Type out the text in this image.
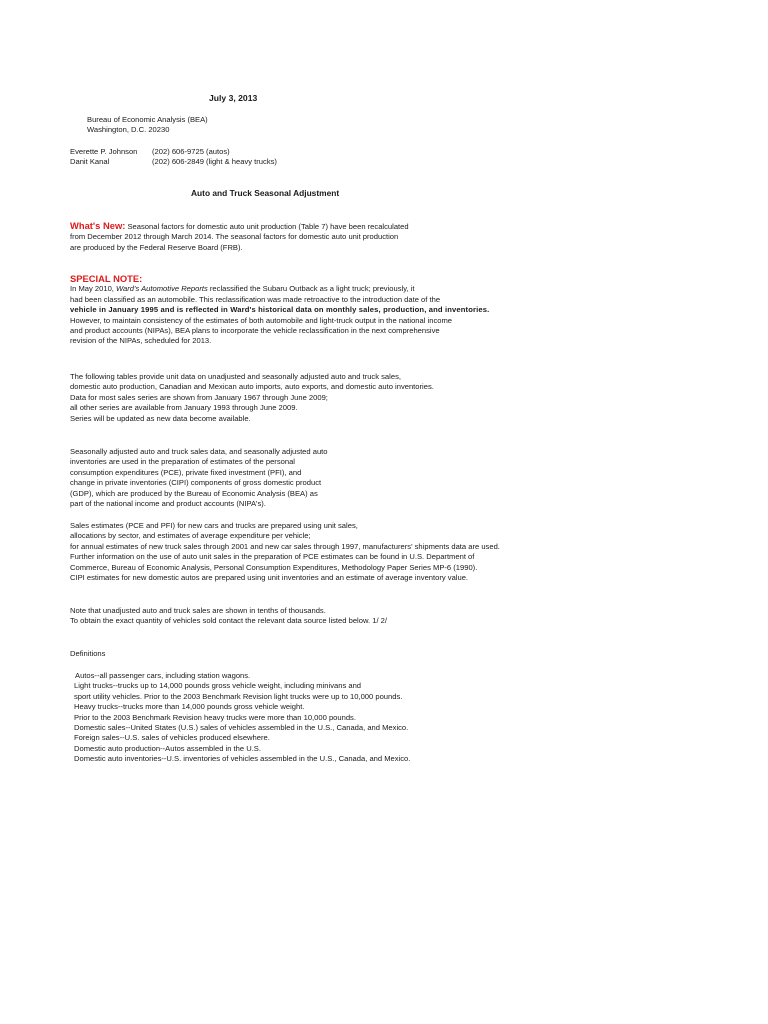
July 3, 2013
Bureau of Economic Analysis (BEA)
Washington, D.C. 20230
Everette P. Johnson (202) 606-9725 (autos)
Danit Kanal	(202) 606-2849 (light & heavy trucks)
Auto and Truck Seasonal Adjustment
What's New: Seasonal factors for domestic auto unit production (Table 7) have been recalculated
from December 2012 through March 2014. The seasonal factors for domestic auto unit production
are produced by the Federal Reserve Board (FRB).
SPECIAL NOTE:
In May 2010, Ward's Automotive Reports reclassified the Subaru Outback as a light truck; previously, it
had been classified as an automobile. This reclassification was made retroactive to the introduction date of the
vehicle in January 1995 and is reflected in Ward's historical data on monthly sales, production, and inventories.
However, to maintain consistency of the estimates of both automobile and light-truck output in the national income
and product accounts (NIPAs), BEA plans to incorporate the vehicle reclassification in the next comprehensive
revision of the NIPAs, scheduled for 2013.
The following tables provide unit data on unadjusted and seasonally adjusted auto and truck sales,
domestic auto production, Canadian and Mexican auto imports, auto exports, and domestic auto inventories.
Data for most sales series are shown from January 1967 through June 2009;
all other series are available from January 1993 through June 2009.
Series will be updated as new data become available.
Seasonally adjusted auto and truck sales data, and seasonally adjusted auto
inventories are used in the preparation of estimates of the personal
consumption expenditures (PCE), private fixed investment (PFI), and
change in private inventories (CIPI) components of gross domestic product
(GDP), which are produced by the Bureau of Economic Analysis (BEA) as
part of the national income and product accounts (NIPA's).
Sales estimates (PCE and PFI) for new cars and trucks are prepared using unit sales,
allocations by sector, and estimates of average expenditure per vehicle;
for annual estimates of new truck sales through 2001 and new car sales through 1997, manufacturers' shipments data are used.
Further information on the use of auto unit sales in the preparation of PCE estimates can be found in U.S. Department of
Commerce, Bureau of Economic Analysis, Personal Consumption Expenditures, Methodology Paper Series MP-6 (1990).
CIPI estimates for new domestic autos are prepared using unit inventories and an estimate of average inventory value.
Note that unadjusted auto and truck sales are shown in tenths of thousands.
To obtain the exact quantity of vehicles sold contact the relevant data source listed below. 1/ 2/
Definitions
Autos--all passenger cars, including station wagons.
Light trucks--trucks up to 14,000 pounds gross vehicle weight, including minivans and
sport utility vehicles. Prior to the 2003 Benchmark Revision light trucks were up to 10,000 pounds.
Heavy trucks--trucks more than 14,000 pounds gross vehicle weight.
Prior to the 2003 Benchmark Revision heavy trucks were more than 10,000 pounds.
Domestic sales--United States (U.S.) sales of vehicles assembled in the U.S., Canada, and Mexico.
Foreign sales--U.S. sales of vehicles produced elsewhere.
Domestic auto production--Autos assembled in the U.S.
Domestic auto inventories--U.S. inventories of vehicles assembled in the U.S., Canada, and Mexico.
